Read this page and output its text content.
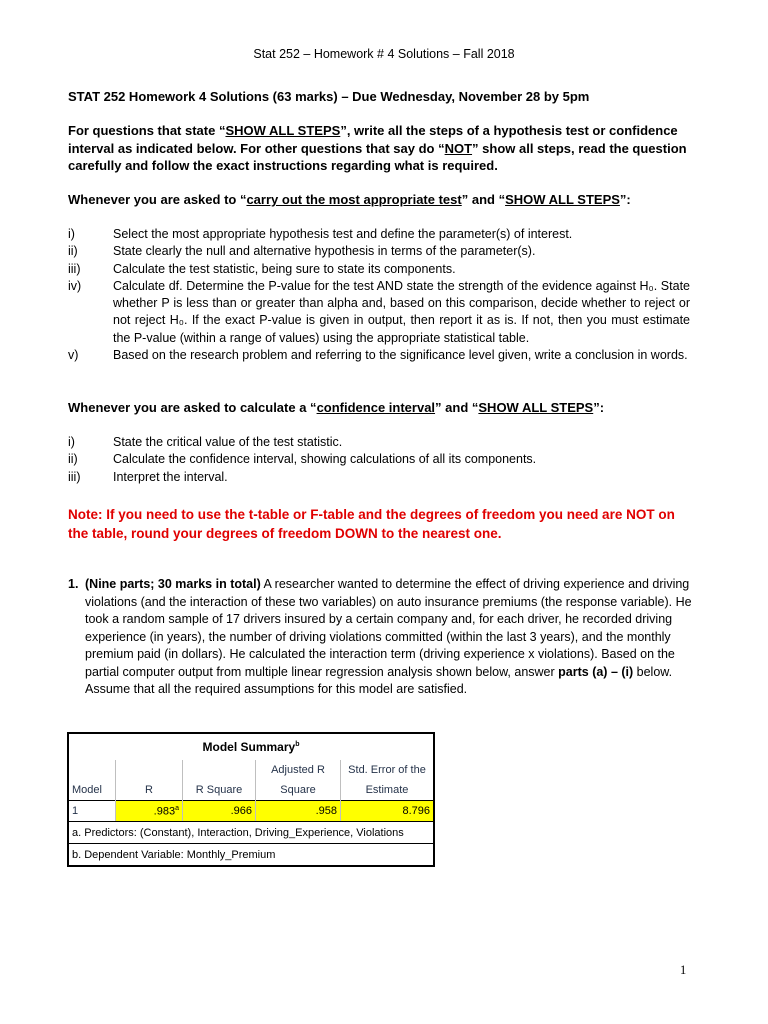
Stat 252 – Homework # 4 Solutions – Fall 2018
STAT 252 Homework 4 Solutions (63 marks) – Due Wednesday, November 28 by 5pm
For questions that state “SHOW ALL STEPS”, write all the steps of a hypothesis test or confidence interval as indicated below. For other questions that say do “NOT” show all steps, read the question carefully and follow the exact instructions regarding what is required.
Whenever you are asked to “carry out the most appropriate test” and “SHOW ALL STEPS”:
i)	Select the most appropriate hypothesis test and define the parameter(s) of interest.
ii)	State clearly the null and alternative hypothesis in terms of the parameter(s).
iii)	Calculate the test statistic, being sure to state its components.
iv)	Calculate df. Determine the P-value for the test AND state the strength of the evidence against H₀. State whether P is less than or greater than alpha and, based on this comparison, decide whether to reject or not reject H₀. If the exact P-value is given in output, then report it as is. If not, then you must estimate the P-value (within a range of values) using the appropriate statistical table.
v)	Based on the research problem and referring to the significance level given, write a conclusion in words.
Whenever you are asked to calculate a “confidence interval” and “SHOW ALL STEPS”:
i)	State the critical value of the test statistic.
ii)	Calculate the confidence interval, showing calculations of all its components.
iii)	Interpret the interval.
Note: If you need to use the t-table or F-table and the degrees of freedom you need are NOT on the table, round your degrees of freedom DOWN to the nearest one.
1. (Nine parts; 30 marks in total) A researcher wanted to determine the effect of driving experience and driving violations (and the interaction of these two variables) on auto insurance premiums (the response variable). He took a random sample of 17 drivers insured by a certain company and, for each driver, he recorded driving experience (in years), the number of driving violations committed (within the last 3 years), and the monthly premium paid (in dollars). He calculated the interaction term (driving experience x violations). Based on the partial computer output from multiple linear regression analysis shown below, answer parts (a) – (i) below. Assume that all the required assumptions for this model are satisfied.
Model Summary$^b$
			Adjusted R	Std. Error of the
Model	R	R Square	Square	Estimate
1	.983$^a$	.966	.958	8.796
a. Predictors: (Constant), Interaction, Driving_Experience, Violations				
b. Dependent Variable: Monthly_Premium				
1
